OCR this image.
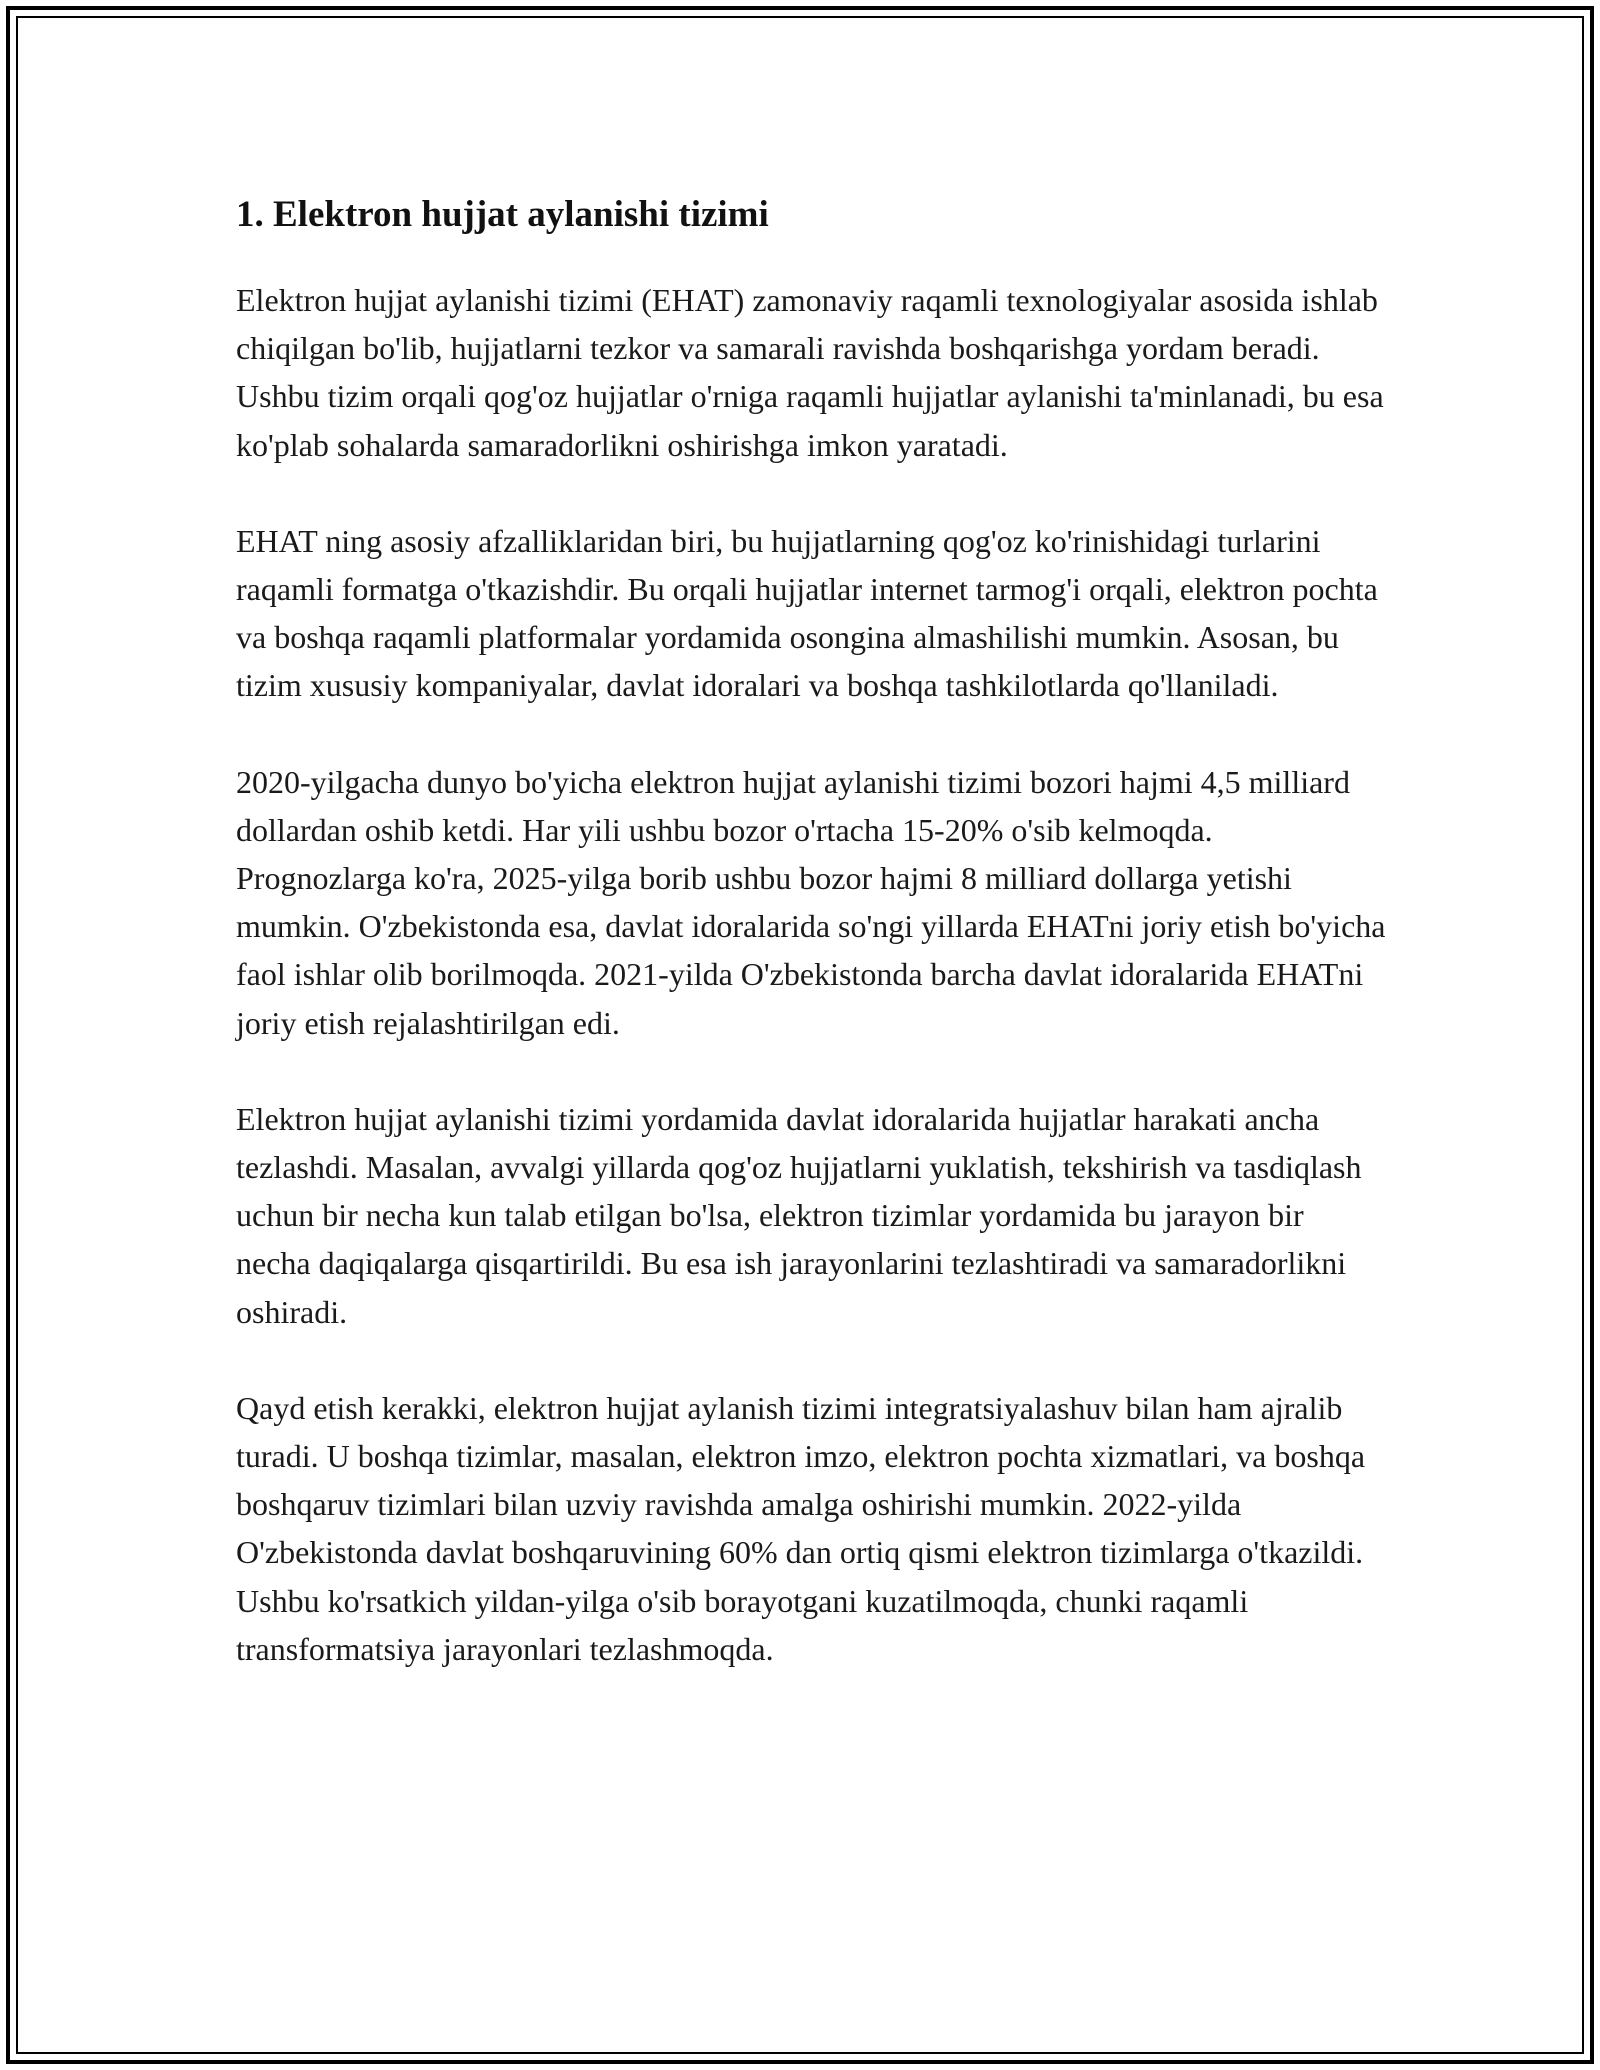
1. Elektron hujjat aylanishi tizimi

Elektron hujjat aylanishi tizimi (EHAT) zamonaviy raqamli texnologiyalar asosida ishlab chiqilgan bo'lib, hujjatlarni tezkor va samarali ravishda boshqarishga yordam beradi. Ushbu tizim orqali qog'oz hujjatlar o'rniga raqamli hujjatlar aylanishi ta'minlanadi, bu esa ko'plab sohalarda samaradorlikni oshirishga imkon yaratadi.

EHAT ning asosiy afzalliklaridan biri, bu hujjatlarning qog'oz ko'rinishidagi turlarini raqamli formatga o'tkazishdir. Bu orqali hujjatlar internet tarmog'i orqali, elektron pochta va boshqa raqamli platformalar yordamida osongina almashilishi mumkin. Asosan, bu tizim xususiy kompaniyalar, davlat idoralari va boshqa tashkilotlarda qo'llaniladi.

2020-yilgacha dunyo bo'yicha elektron hujjat aylanishi tizimi bozori hajmi 4,5 milliard dollardan oshib ketdi. Har yili ushbu bozor o'rtacha 15-20% o'sib kelmoqda. Prognozlarga ko'ra, 2025-yilga borib ushbu bozor hajmi 8 milliard dollarga yetishi mumkin. O'zbekistonda esa, davlat idoralarida so'ngi yillarda EHATni joriy etish bo'yicha faol ishlar olib borilmoqda. 2021-yilda O'zbekistonda barcha davlat idoralarida EHATni joriy etish rejalashtirilgan edi.

Elektron hujjat aylanishi tizimi yordamida davlat idoralarida hujjatlar harakati ancha tezlashdi. Masalan, avvalgi yillarda qog'oz hujjatlarni yuklatish, tekshirish va tasdiqlash uchun bir necha kun talab etilgan bo'lsa, elektron tizimlar yordamida bu jarayon bir necha daqiqalarga qisqartirildi. Bu esa ish jarayonlarini tezlashtiradi va samaradorlikni oshiradi.

Qayd etish kerakki, elektron hujjat aylanish tizimi integratsiyalashuv bilan ham ajralib turadi. U boshqa tizimlar, masalan, elektron imzo, elektron pochta xizmatlari, va boshqa boshqaruv tizimlari bilan uzviy ravishda amalga oshirishi mumkin. 2022-yilda O'zbekistonda davlat boshqaruvining 60% dan ortiq qismi elektron tizimlarga o'tkazildi. Ushbu ko'rsatkich yildan-yilga o'sib borayotgani kuzatilmoqda, chunki raqamli transformatsiya jarayonlari tezlashmoqda.
